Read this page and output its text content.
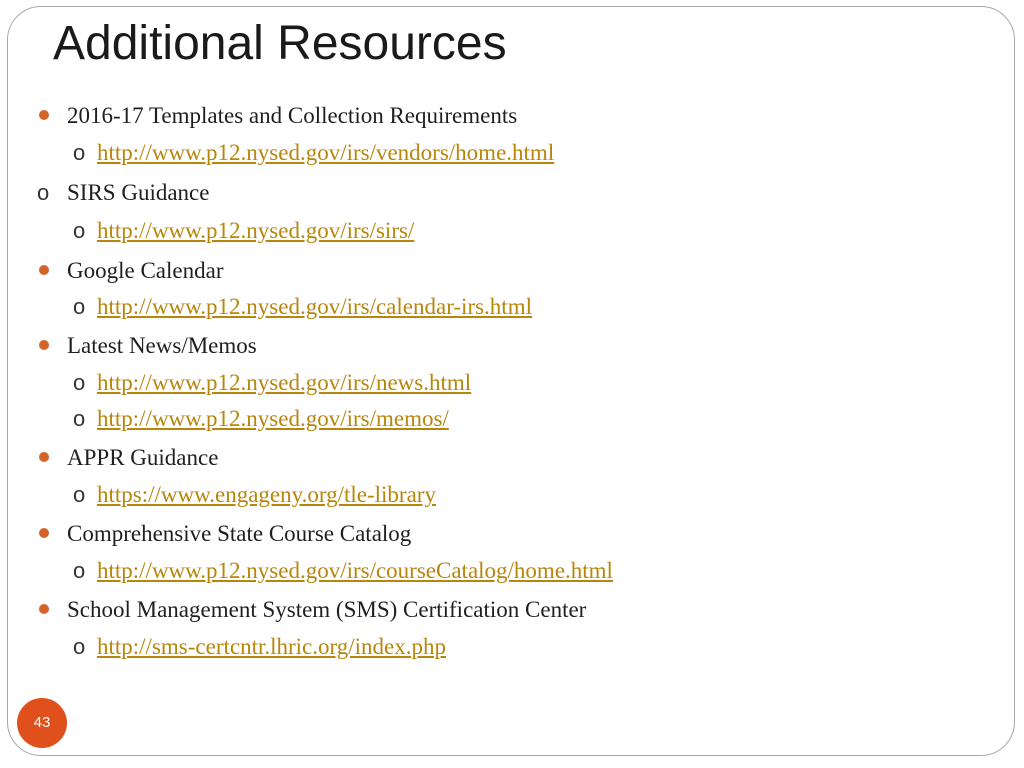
Additional Resources
2016-17 Templates and Collection Requirements
o http://www.p12.nysed.gov/irs/vendors/home.html
o SIRS Guidance
o http://www.p12.nysed.gov/irs/sirs/
Google Calendar
o http://www.p12.nysed.gov/irs/calendar-irs.html
Latest News/Memos
o http://www.p12.nysed.gov/irs/news.html
o http://www.p12.nysed.gov/irs/memos/
APPR Guidance
o https://www.engageny.org/tle-library
Comprehensive State Course Catalog
o http://www.p12.nysed.gov/irs/courseCatalog/home.html
School Management System (SMS) Certification Center
o http://sms-certcntr.lhric.org/index.php
43
